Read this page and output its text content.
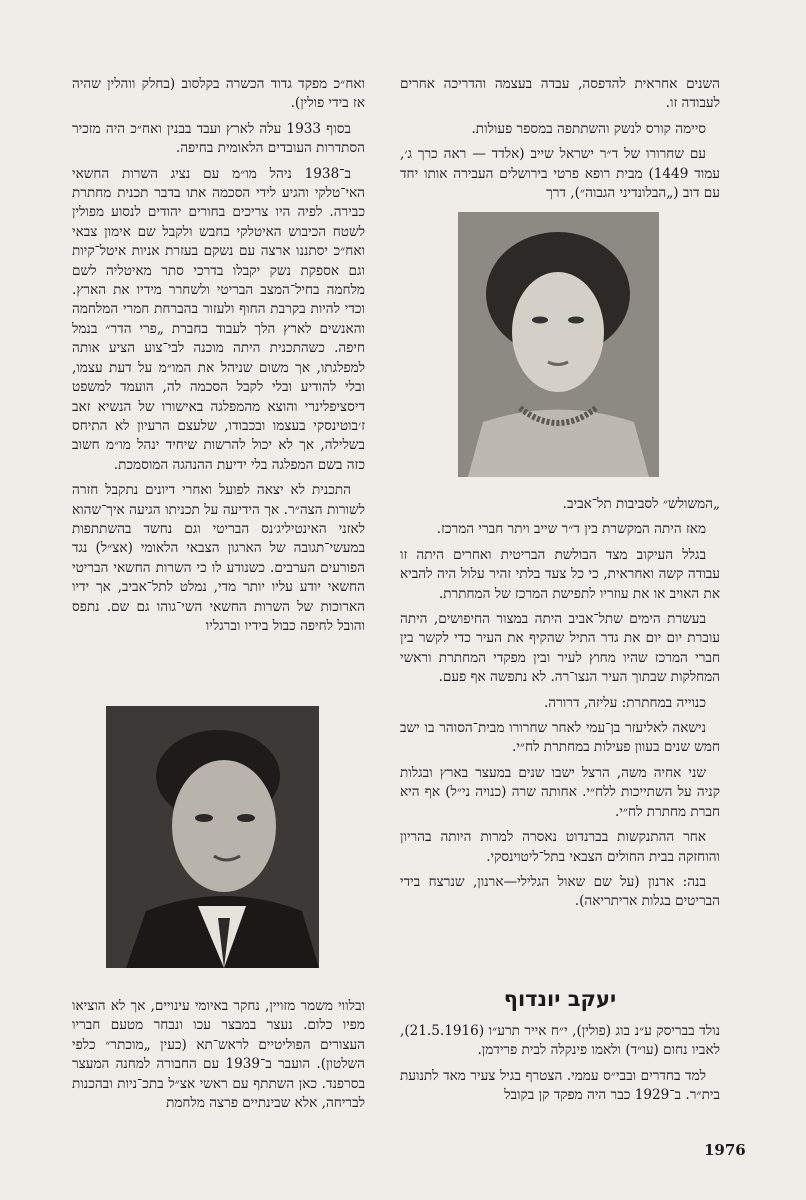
ואח״כ מפקד גדוד הכשרה בקלסוב (בחלק ווהלין שהיה אז בידי פולין).

בסוף 1933 עלה לארץ ועבד בבנין ואח״כ היה מזכיר הסתדרות העובדים הלאומית בחיפה.

ב־1938 ניהל מו״מ עם נציג השרות החשאי האי־טלקי והגיע לידי הסכמה אתו בדבר תכנית מחתרת כבירה. לפיה היו צריכים בחורים יהודים לנסוע מפולין לשטח הכיבוש האיטלקי בחבש ולקבל שם אימון צבאי ואח״כ יסתננו ארצה עם נשקם בעזרת אניות איטל־קיות וגם אספקת נשק יקבלו בדרכי סתר מאיטליה לשם מלחמה בחיל־המצב הבריטי ולשחרר מידיו את הארץ. וכדי להיות בקרבת החוף ולעזור בהברחת חמרי המלחמה והאנשים לארץ הלך לעבוד בחברת „פרי הדר״ בנמל חיפה. כשהתכנית היתה מוכנה לבי־צוע הציע אותה למפלגתו, אך משום שניהל את המו״מ על דעת עצמו, ובלי להודיע ובלי לקבל הסכמה לה, הועמד למשפט דיסציפלינרי והוצא מהמפלגה באישורו של הנשיא זאב ז׳בוטינסקי בעצמו ובכבודו, שלעצם הרעיון לא התיחס בשלילה, אך לא יכול להרשות שיחיד ינהל מו״מ חשוב כזה בשם המפלגה בלי ידיעת ההנהגה המוסמכת.

התכנית לא יצאה לפועל ואחרי דיונים נתקבל חזרה לשורות הצה״ר. אך הידיעה על תכניתו הגיעה איך־שהוא לאזני האינטיליג׳נס הבריטי וגם נחשד בהשתתפות במעשי־תגובה של הארגון הצבאי הלאומי (אצ״ל) נגד הפורעים הערבים. כשנודע לו כי השרות החשאי הבריטי החשאי יודע עליו יותר מדי, נמלט לתל־אביב, אך ידיו הארוכות של השרות החשאי השי־גוהו גם שם. נתפס והובל לחיפה כבול בידיו וברגליו

ובלווי משמר מזויין, נחקר באיומי עינויים, אך לא הוציאו מפיו כלום. נעצר במבצר עכו ונבחר מטעם חבריו העצורים הפוליטיים לראש־תא (כעין „מוכתר״ כלפי השלטון). הועבר ב־1939 עם החבורה למחנה המעצר בסרפנד. כאן השתתף עם ראשי אצ״ל בתכ־ניות ובהכנות לבריחה, אלא שבינתיים פרצה מלחמת

השנים אחראית להדפסה, עבדה בעצמה והדריכה אחרים לעבודה זו.

סיימה קורס לנשק והשתתפה במספר פעולות.

עם שחרורו של ד״ר ישראל שייב (אלדד — ראה כרך ג׳, עמוד 1449) מבית רופא פרטי בירושלים העבירה אותו יחד עם דוב („הבלונדיני הגבוה״), דרך

„המשולש״ לסביבות תל־אביב.

מאז היתה המקשרת בין ד״ר שייב ויתר חברי המרכז.

בגלל העיקוב מצד הבולשת הבריטית ואחרים היתה זו עבודה קשה ואחראית, כי כל צעד בלתי זהיר עלול היה להביא את האויב או את עוזריו לתפישת המרכז של המחתרת.

בעשרת הימים שתל־אביב היתה במצור החיפושים, היתה עוברת יום יום את גדר התיל שהקיף את העיר כדי לקשר בין חברי המרכז שהיו מחוץ לעיר ובין מפקדי המחתרת וראשי המחלקות שבתוך העיר הנצו־רה. לא נתפשה אף פעם.

כנוייה במחתרת: עליזה, דרורה.

נישאה לאליעזר בן־עמי לאחר שחרורו מבית־הסוהר בו ישב חמש שנים בעוון פעילות במחתרת לח״י.

שני אחיה משה, הרצל ישבו שנים במעצר בארץ ובגלות קניה על השתייכות ללח״י. אחותה שרה (כנויה ני״ל) אף היא חברת מחתרת לח״י.

אחר ההתנקשות בברנדוט נאסרה למרות היותה בהריון והוחזקה בבית החולים הצבאי בתל־ליטוינסקי.

בנה: ארנון (על שם שאול הגלילי—ארנון, שנרצח בידי הבריטים בגלות אריתריאה).

יעקב יונדוף

נולד בבריסק ע״נ בוג (פולין), י״ח אייר תרע״ו (21.5.1916), לאביו נחום (עו״ד) ולאמו פינקלה לבית פרידמן.

למד בחדרים ובבי״ס עממי. הצטרף בגיל צעיר מאד לתנועת בית״ר. ב־1929 כבר היה מפקד קן בקובל

1976
